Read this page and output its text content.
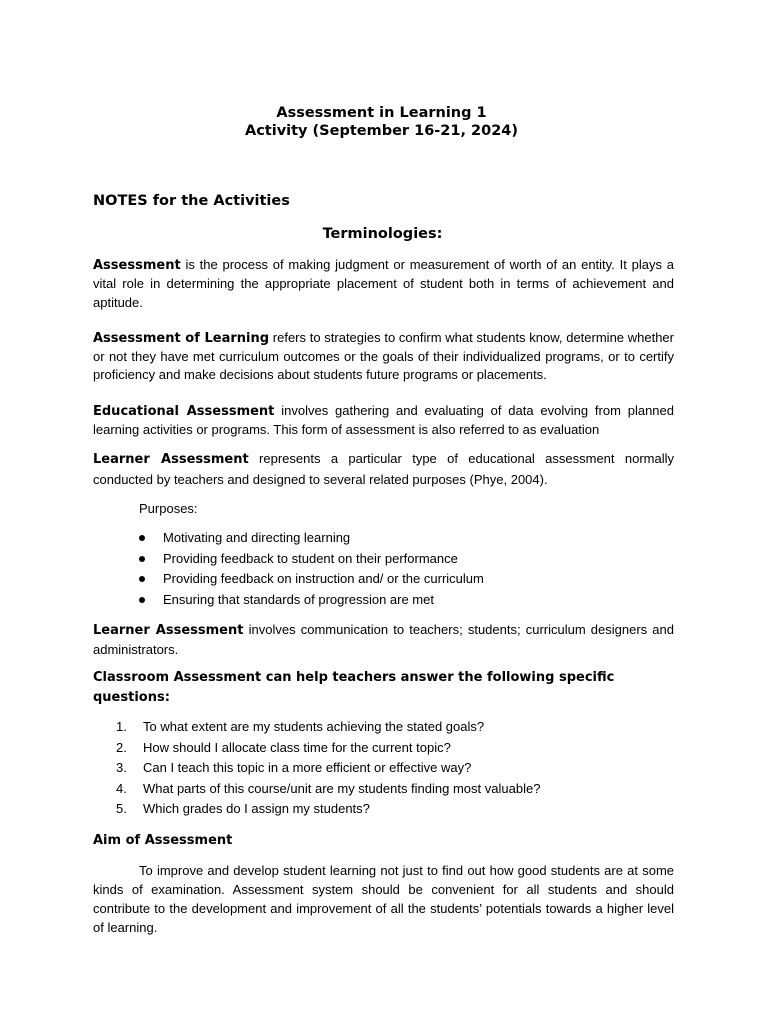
Assessment in Learning 1
Activity (September 16-21, 2024)
NOTES for the Activities
Terminologies:

Assessment is the process of making judgment or measurement of worth of an entity. It plays a vital role in determining the appropriate placement of student both in terms of achievement and aptitude.

Assessment of Learning refers to strategies to confirm what students know, determine whether or not they have met curriculum outcomes or the goals of their individualized programs, or to certify proficiency and make decisions about students future programs or placements.

Educational Assessment involves gathering and evaluating of data evolving from planned learning activities or programs. This form of assessment is also referred to as evaluation

Learner Assessment represents a particular type of educational assessment normally conducted by teachers and designed to several related purposes (Phye, 2004).

Purposes:
Motivating and directing learning
Providing feedback to student on their performance
Providing feedback on instruction and/ or the curriculum
Ensuring that standards of progression are met

Learner Assessment involves communication to teachers; students; curriculum designers and administrators.

Classroom Assessment can help teachers answer the following specific questions:
1. To what extent are my students achieving the stated goals?
2. How should I allocate class time for the current topic?
3. Can I teach this topic in a more efficient or effective way?
4. What parts of this course/unit are my students finding most valuable?
5. Which grades do I assign my students?
Aim of Assessment

To improve and develop student learning not just to find out how good students are at some kinds of examination. Assessment system should be convenient for all students and should contribute to the development and improvement of all the students’ potentials towards a higher level of learning.
